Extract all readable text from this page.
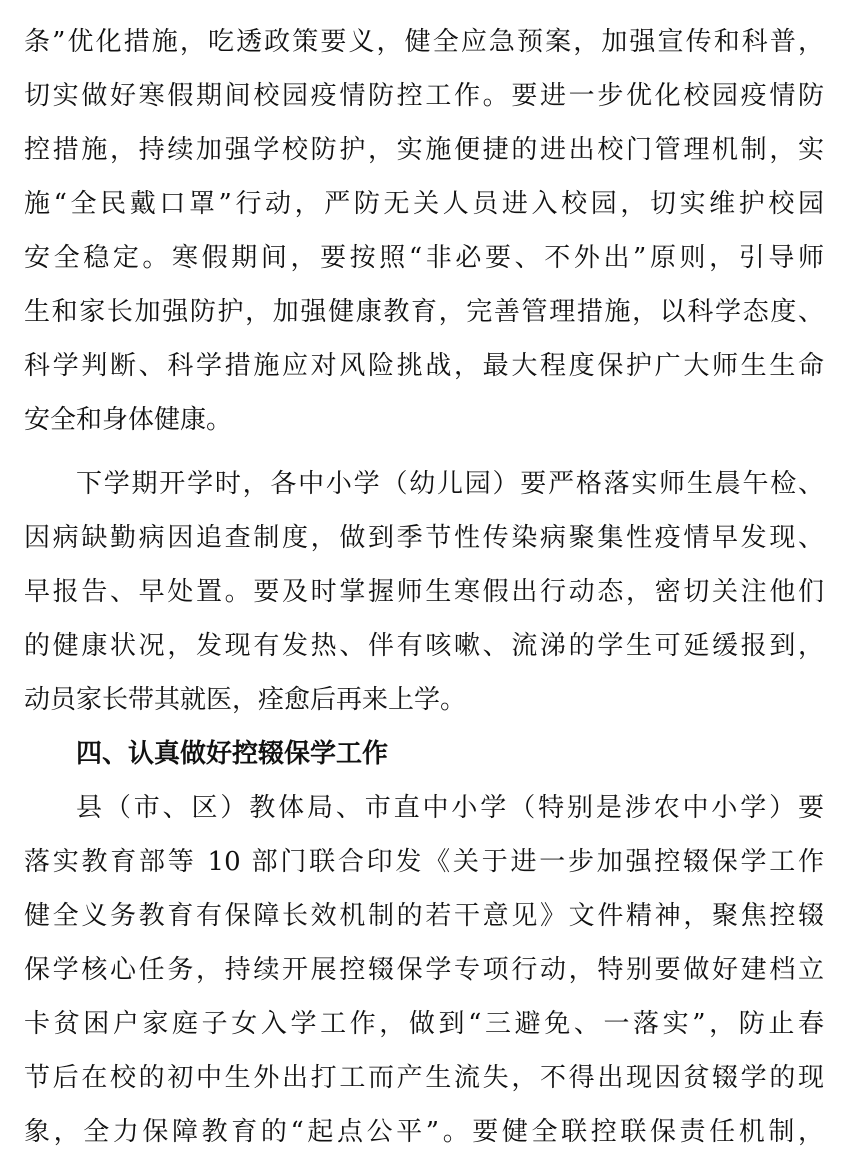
条”优化措施，吃透政策要义，健全应急预案，加强宣传和科普，
切实做好寒假期间校园疫情防控工作。要进一步优化校园疫情防
控措施，持续加强学校防护，实施便捷的进出校门管理机制，实
施“全民戴口罩”行动，严防无关人员进入校园，切实维护校园
安全稳定。寒假期间，要按照“非必要、不外出”原则，引导师
生和家长加强防护，加强健康教育，完善管理措施，以科学态度、
科学判断、科学措施应对风险挑战，最大程度保护广大师生生命
安全和身体健康。
下学期开学时，各中小学（幼儿园）要严格落实师生晨午检、
因病缺勤病因追查制度，做到季节性传染病聚集性疫情早发现、
早报告、早处置。要及时掌握师生寒假出行动态，密切关注他们
的健康状况，发现有发热、伴有咳嗽、流涕的学生可延缓报到，
动员家长带其就医，痊愈后再来上学。
四、认真做好控辍保学工作
县（市、区）教体局、市直中小学（特别是涉农中小学）要
落实教育部等 10 部门联合印发《关于进一步加强控辍保学工作
健全义务教育有保障长效机制的若干意见》文件精神，聚焦控辍
保学核心任务，持续开展控辍保学专项行动，特别要做好建档立
卡贫困户家庭子女入学工作，做到“三避免、一落实”，防止春
节后在校的初中生外出打工而产生流失，不得出现因贫辍学的现
象，全力保障教育的“起点公平”。要健全联控联保责任机制，
